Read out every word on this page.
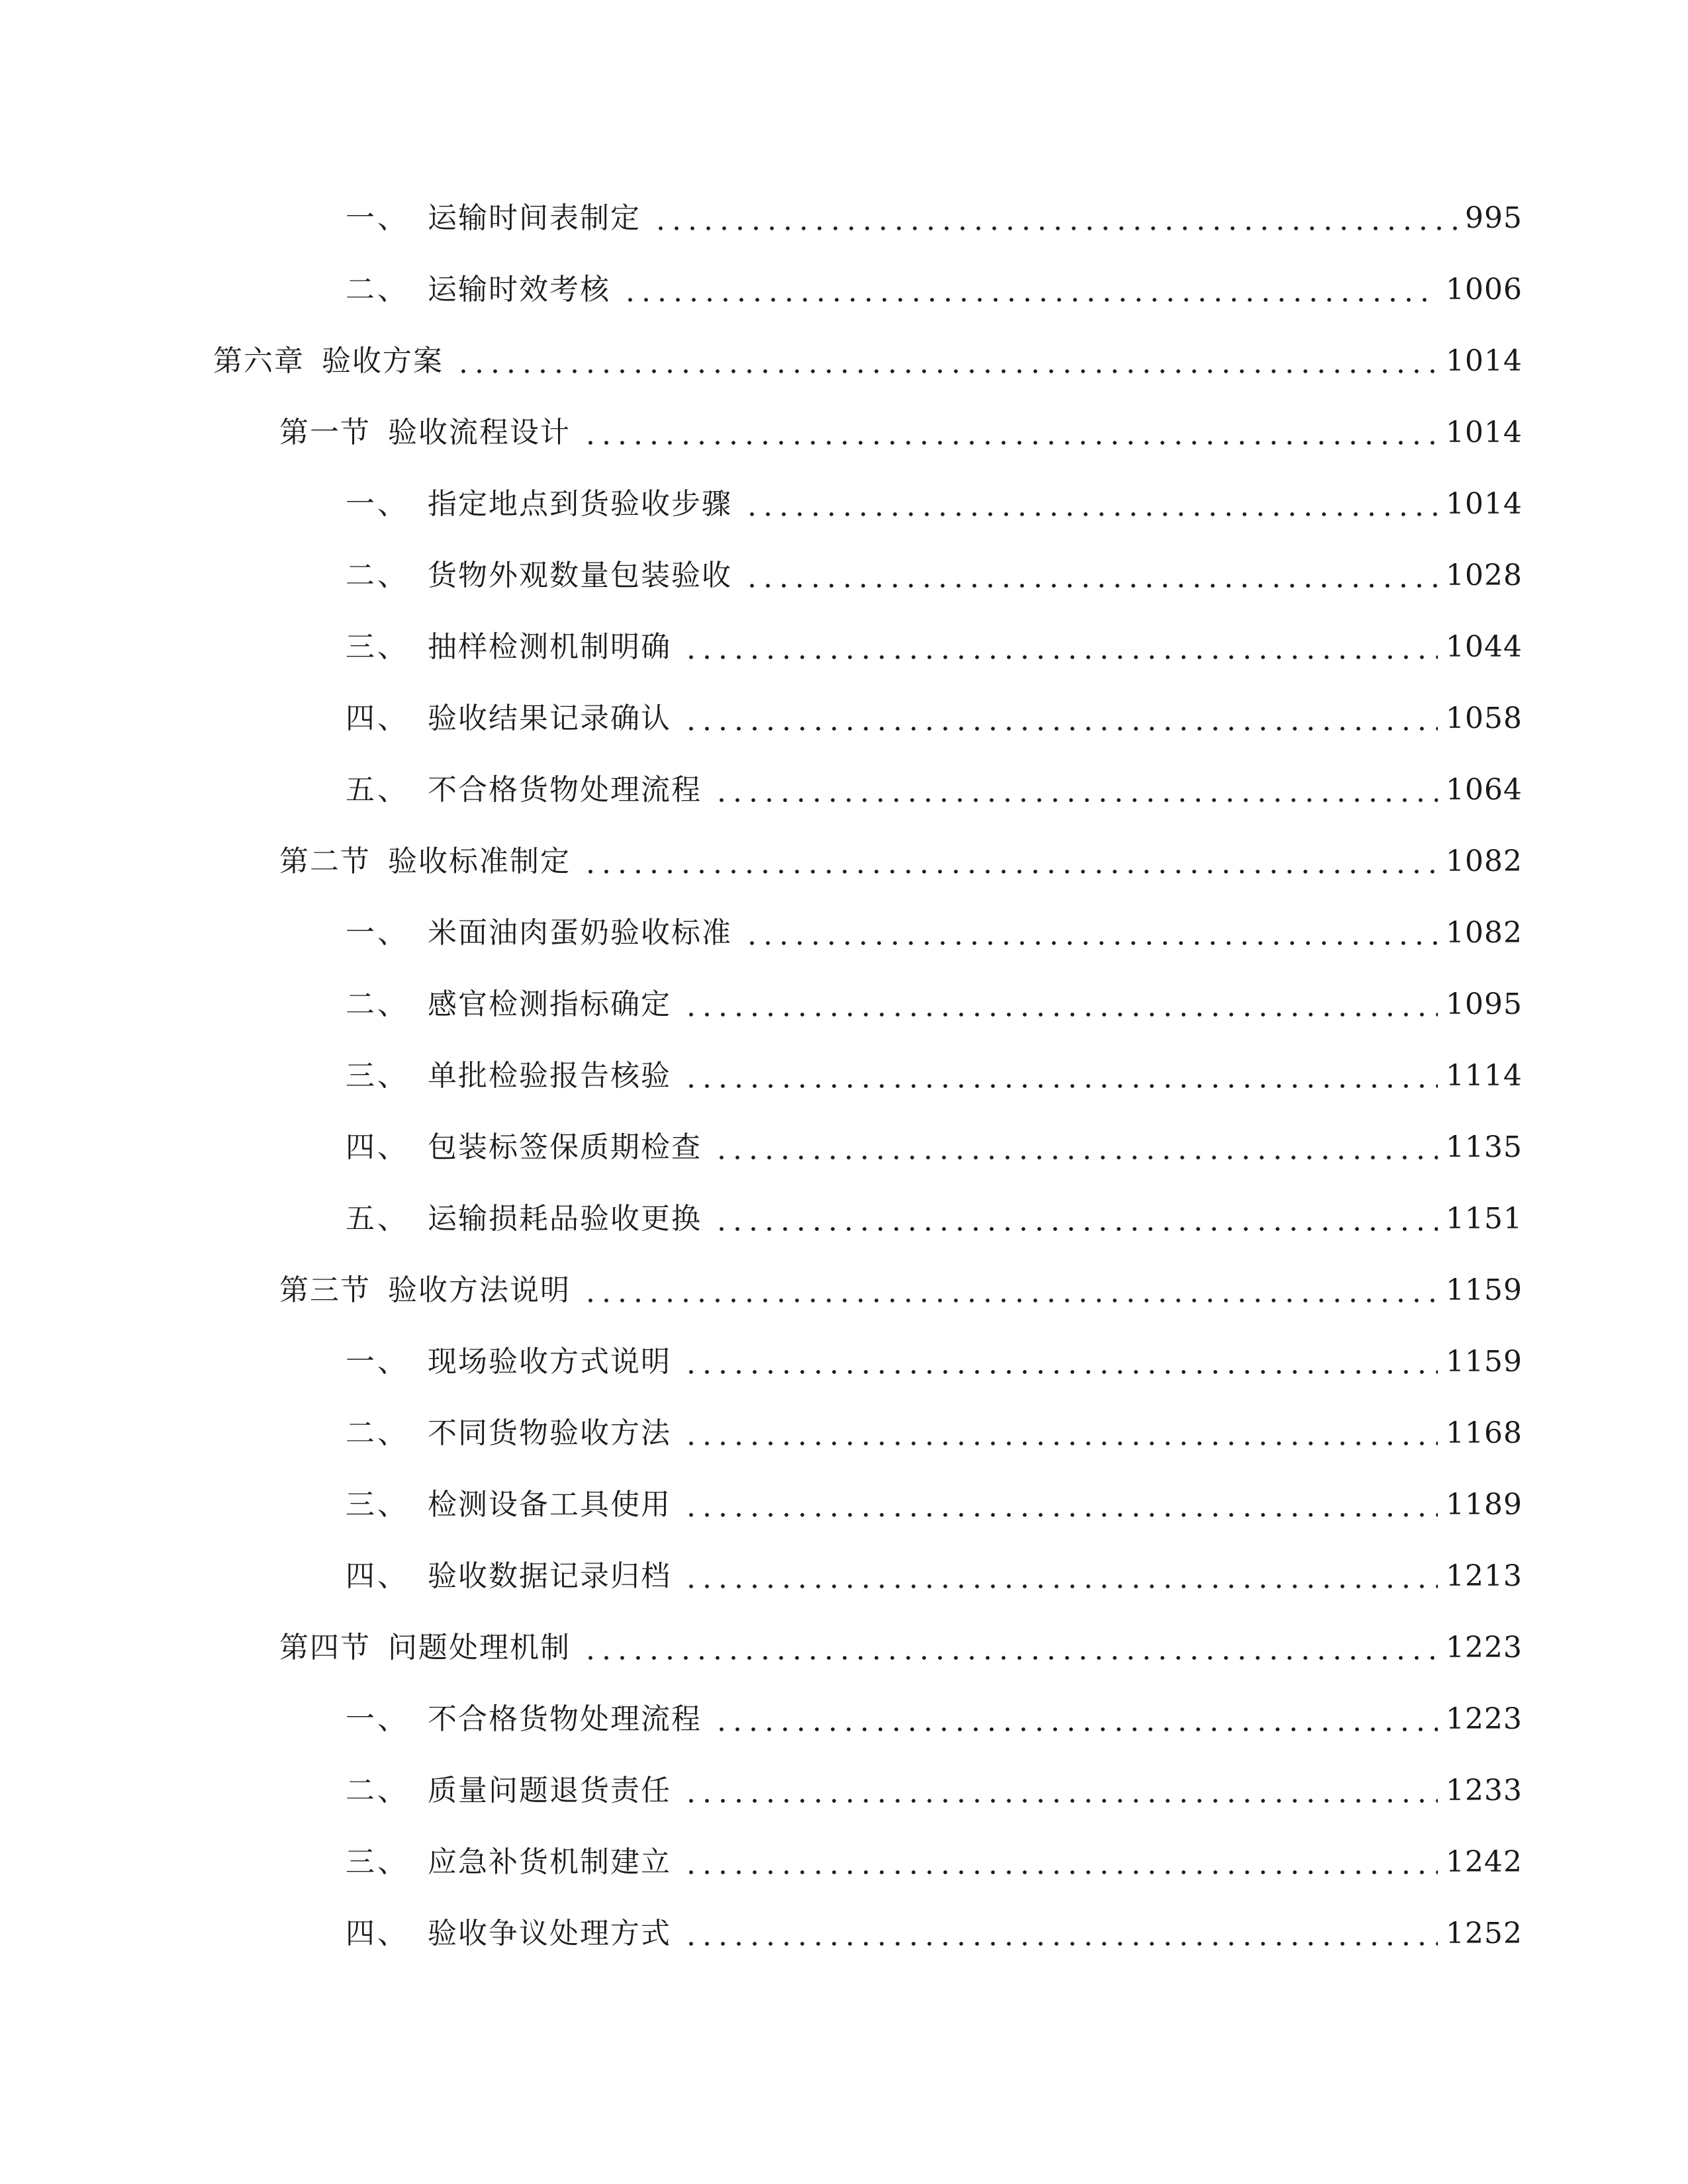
一、 运输时间表制定	995
二、 运输时效考核	1006
第六章 验收方案	1014
第一节 验收流程设计	1014
一、 指定地点到货验收步骤	1014
二、 货物外观数量包装验收	1028
三、 抽样检测机制明确	1044
四、 验收结果记录确认	1058
五、 不合格货物处理流程	1064
第二节 验收标准制定	1082
一、 米面油肉蛋奶验收标准	1082
二、 感官检测指标确定	1095
三、 单批检验报告核验	1114
四、 包装标签保质期检查	1135
五、 运输损耗品验收更换	1151
第三节 验收方法说明	1159
一、 现场验收方式说明	1159
二、 不同货物验收方法	1168
三、 检测设备工具使用	1189
四、 验收数据记录归档	1213
第四节 问题处理机制	1223
一、 不合格货物处理流程	1223
二、 质量问题退货责任	1233
三、 应急补货机制建立	1242
四、 验收争议处理方式	1252
